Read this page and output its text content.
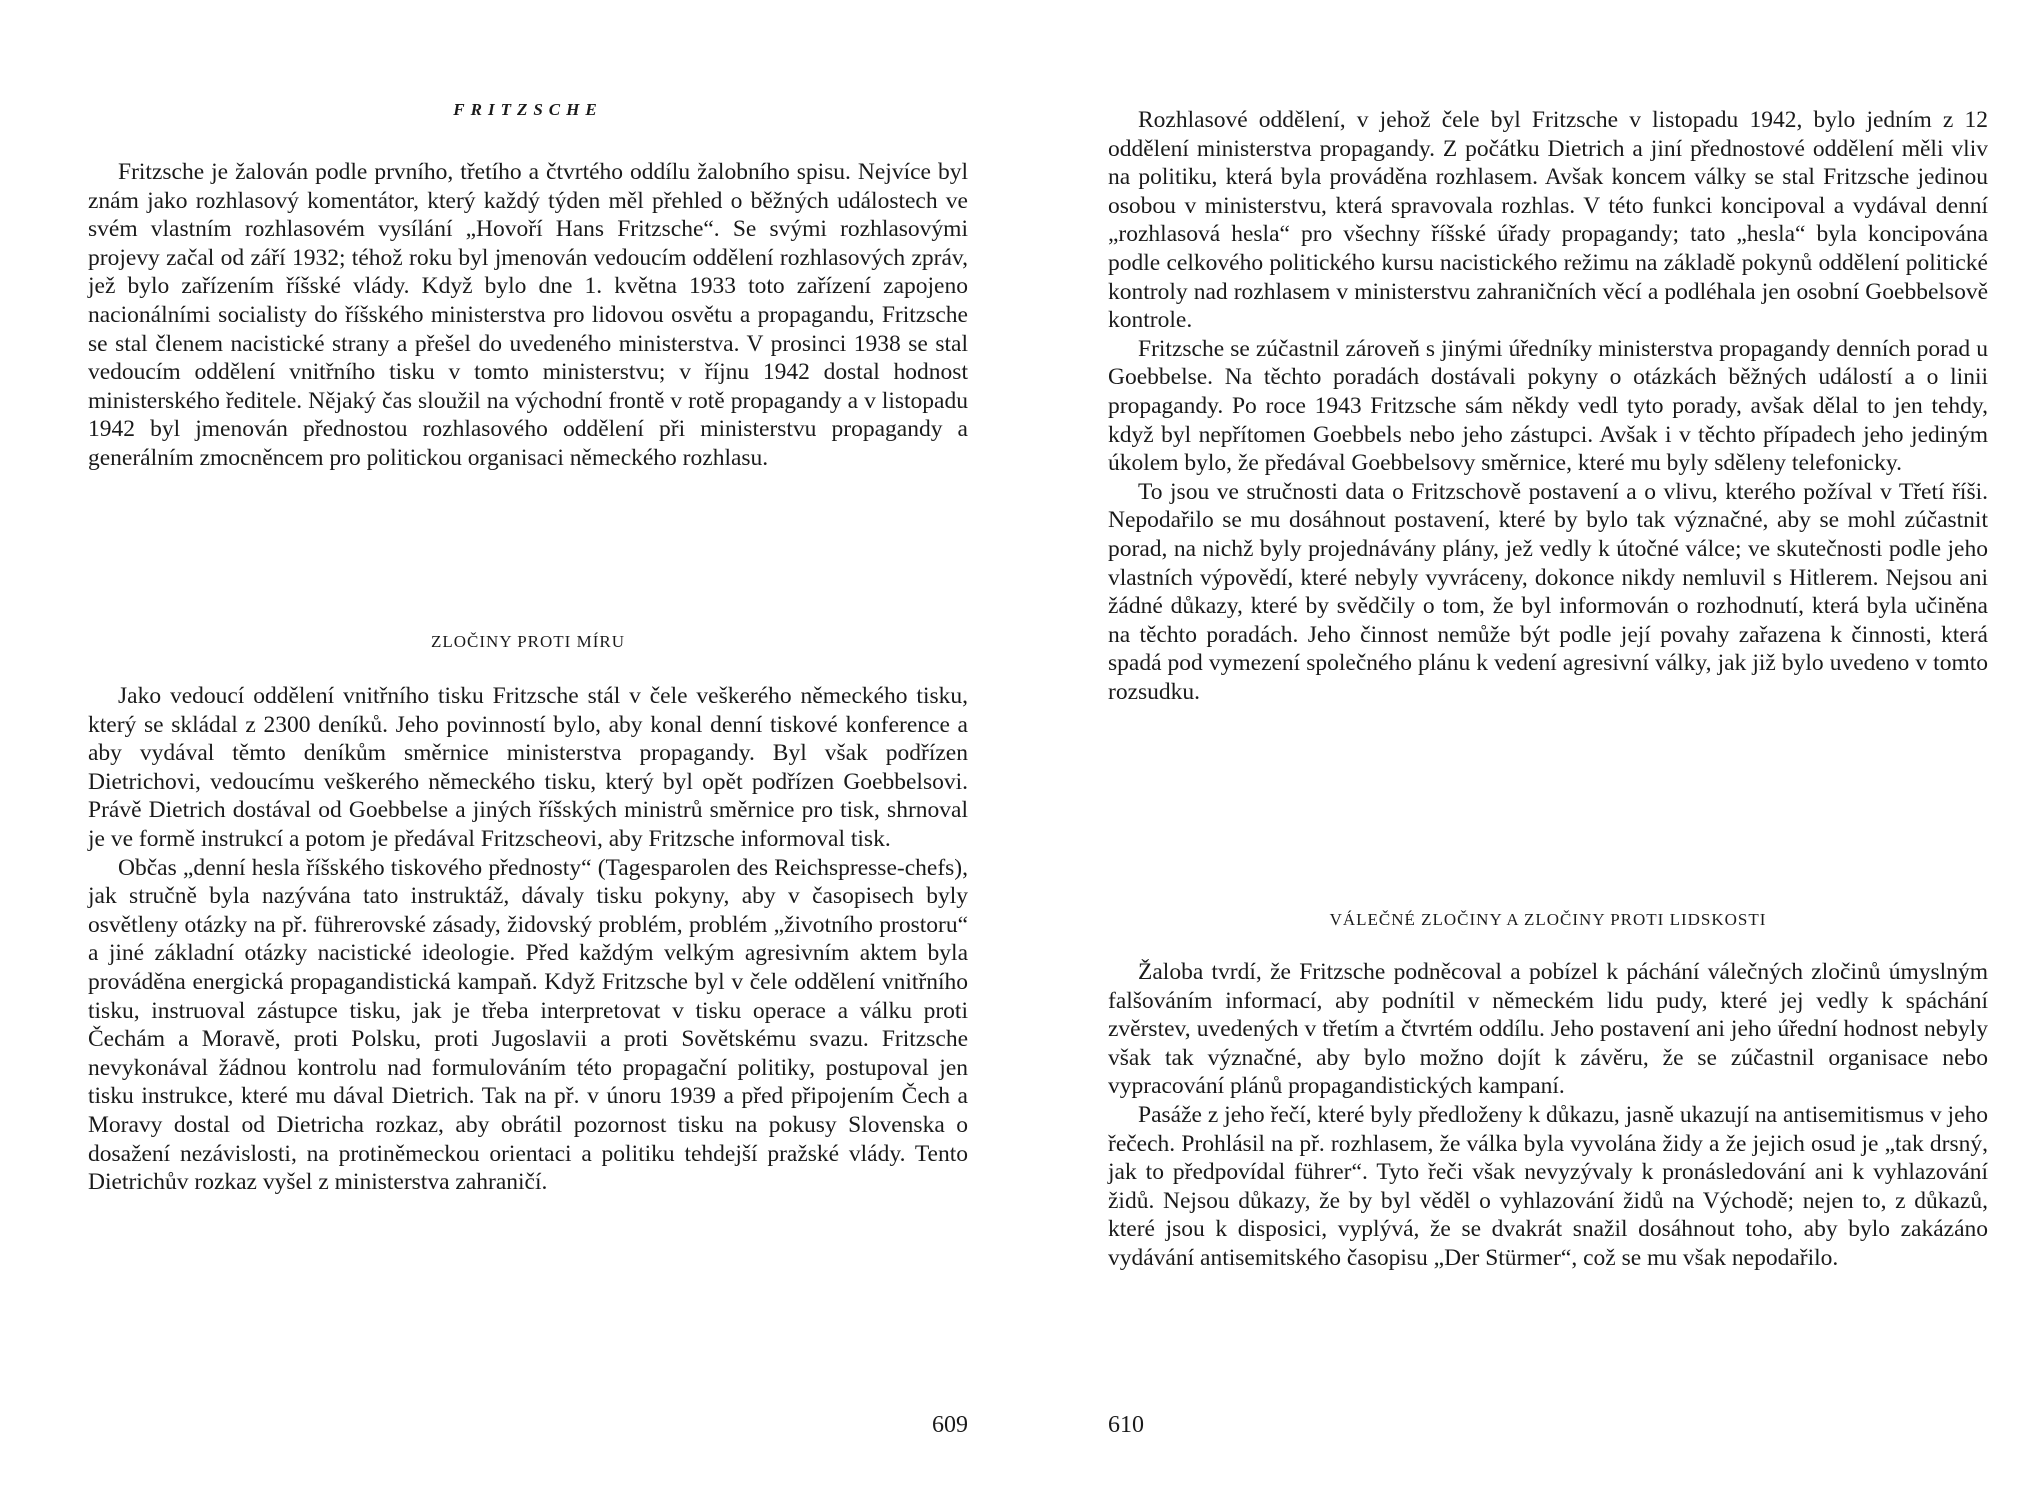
FRITZSCHE

Fritzsche je žalován podle prvního, třetího a čtvrtého oddílu žalobního spisu. Nejvíce byl znám jako rozhlasový komentátor, který každý týden měl přehled o běžných událostech ve svém vlastním rozhlasovém vysílání „Hovoří Hans Fritzsche“. Se svými rozhlasovými projevy začal od září 1932; téhož roku byl jmenován vedoucím oddělení rozhlasových zpráv, jež bylo zařízením říšské vlády. Když bylo dne 1. května 1933 toto zařízení zapojeno nacionálními socialisty do říšského ministerstva pro lidovou osvětu a propagandu, Fritzsche se stal členem nacistické strany a přešel do uvedeného ministerstva. V prosinci 1938 se stal vedoucím oddělení vnitřního tisku v tomto ministerstvu; v říjnu 1942 dostal hodnost ministerského ředitele. Nějaký čas sloužil na východní frontě v rotě propagandy a v listopadu 1942 byl jmenován přednostou rozhlasového oddělení při ministerstvu propagandy a generálním zmocněncem pro politickou organisaci německého rozhlasu.

ZLOČINY PROTI MÍRU

Jako vedoucí oddělení vnitřního tisku Fritzsche stál v čele veškerého německého tisku, který se skládal z 2300 deníků. Jeho povinností bylo, aby konal denní tiskové konference a aby vydával těmto deníkům směrnice ministerstva propagandy. Byl však podřízen Dietrichovi, vedoucímu veškerého německého tisku, který byl opět podřízen Goebbelsovi. Právě Dietrich dostával od Goebbelse a jiných říšských ministrů směrnice pro tisk, shrnoval je ve formě instrukcí a potom je předával Fritzscheovi, aby Fritzsche informoval tisk.

Občas „denní hesla říšského tiskového přednosty“ (Tagesparolen des Reichspresse-chefs), jak stručně byla nazývána tato instruktáž, dávaly tisku pokyny, aby v časopisech byly osvětleny otázky na př. führerovské zásady, židovský problém, problém „životního prostoru“ a jiné základní otázky nacistické ideologie. Před každým velkým agresivním aktem byla prováděna energická propagandistická kampaň. Když Fritzsche byl v čele oddělení vnitřního tisku, instruoval zástupce tisku, jak je třeba interpretovat v tisku operace a válku proti Čechám a Moravě, proti Polsku, proti Jugoslavii a proti Sovětskému svazu. Fritzsche nevykonával žádnou kontrolu nad formulováním této propagační politiky, postupoval jen tisku instrukce, které mu dával Dietrich. Tak na př. v únoru 1939 a před připojením Čech a Moravy dostal od Dietricha rozkaz, aby obrátil pozornost tisku na pokusy Slovenska o dosažení nezávislosti, na protiněmeckou orientaci a politiku tehdejší pražské vlády. Tento Dietrichův rozkaz vyšel z ministerstva zahraničí.

609

Rozhlasové oddělení, v jehož čele byl Fritzsche v listopadu 1942, bylo jedním z 12 oddělení ministerstva propagandy. Z počátku Dietrich a jiní přednostové oddělení měli vliv na politiku, která byla prováděna rozhlasem. Avšak koncem války se stal Fritzsche jedinou osobou v ministerstvu, která spravovala rozhlas. V této funkci koncipoval a vydával denní „rozhlasová hesla“ pro všechny říšské úřady propagandy; tato „hesla“ byla koncipována podle celkového politického kursu nacistického režimu na základě pokynů oddělení politické kontroly nad rozhlasem v ministerstvu zahraničních věcí a podléhala jen osobní Goebbelsově kontrole.

Fritzsche se zúčastnil zároveň s jinými úředníky ministerstva propagandy denních porad u Goebbelse. Na těchto poradách dostávali pokyny o otázkách běžných událostí a o linii propagandy. Po roce 1943 Fritzsche sám někdy vedl tyto porady, avšak dělal to jen tehdy, když byl nepřítomen Goebbels nebo jeho zástupci. Avšak i v těchto případech jeho jediným úkolem bylo, že předával Goebbelsovy směrnice, které mu byly sděleny telefonicky.

To jsou ve stručnosti data o Fritzschově postavení a o vlivu, kterého požíval v Třetí říši. Nepodařilo se mu dosáhnout postavení, které by bylo tak význačné, aby se mohl zúčastnit porad, na nichž byly projednávány plány, jež vedly k útočné válce; ve skutečnosti podle jeho vlastních výpovědí, které nebyly vyvráceny, dokonce nikdy nemluvil s Hitlerem. Nejsou ani žádné důkazy, které by svědčily o tom, že byl informován o rozhodnutí, která byla učiněna na těchto poradách. Jeho činnost nemůže být podle její povahy zařazena k činnosti, která spadá pod vymezení společného plánu k vedení agresivní války, jak již bylo uvedeno v tomto rozsudku.

VÁLEČNÉ ZLOČINY A ZLOČINY PROTI LIDSKOSTI

Žaloba tvrdí, že Fritzsche podněcoval a pobízel k páchání válečných zločinů úmyslným falšováním informací, aby podnítil v německém lidu pudy, které jej vedly k spáchání zvěrstev, uvedených v třetím a čtvrtém oddílu. Jeho postavení ani jeho úřední hodnost nebyly však tak význačné, aby bylo možno dojít k závěru, že se zúčastnil organisace nebo vypracování plánů propagandistických kampaní.

Pasáže z jeho řečí, které byly předloženy k důkazu, jasně ukazují na antisemitismus v jeho řečech. Prohlásil na př. rozhlasem, že válka byla vyvolána židy a že jejich osud je „tak drsný, jak to předpovídal führer“. Tyto řeči však nevyzývaly k pronásledování ani k vyhlazování židů. Nejsou důkazy, že by byl věděl o vyhlazování židů na Východě; nejen to, z důkazů, které jsou k disposici, vyplývá, že se dvakrát snažil dosáhnout toho, aby bylo zakázáno vydávání antisemitského časopisu „Der Stürmer“, což se mu však nepodařilo.

610
